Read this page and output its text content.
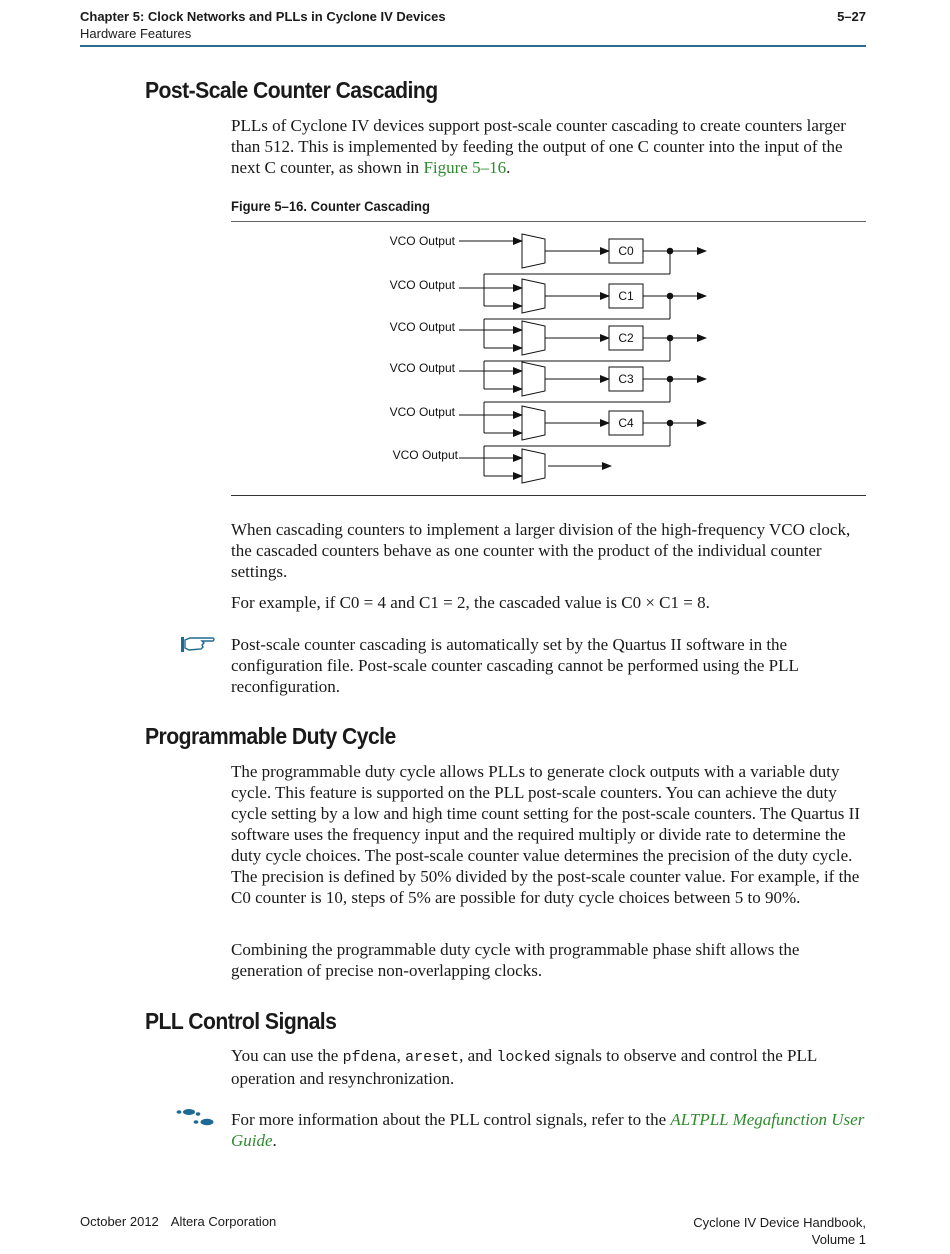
Chapter 5: Clock Networks and PLLs in Cyclone IV Devices	5–27
Hardware Features
Post-Scale Counter Cascading

PLLs of Cyclone IV devices support post-scale counter cascading to create counters larger than 512. This is implemented by feeding the output of one C counter into the input of the next C counter, as shown in Figure 5–16.

Figure 5–16. Counter Cascading
VCO Output
C0
VCO Output
C1
VCO Output
C2
VCO Output
C3
VCO Output
C4
VCO Output

When cascading counters to implement a larger division of the high-frequency VCO clock, the cascaded counters behave as one counter with the product of the individual counter settings.

For example, if C0 = 4 and C1 = 2, the cascaded value is C0 × C1 = 8.

Post-scale counter cascading is automatically set by the Quartus II software in the configuration file. Post-scale counter cascading cannot be performed using the PLL reconfiguration.

Programmable Duty Cycle

The programmable duty cycle allows PLLs to generate clock outputs with a variable duty cycle. This feature is supported on the PLL post-scale counters. You can achieve the duty cycle setting by a low and high time count setting for the post-scale counters. The Quartus II software uses the frequency input and the required multiply or divide rate to determine the duty cycle choices. The post-scale counter value determines the precision of the duty cycle. The precision is defined by 50% divided by the post-scale counter value. For example, if the C0 counter is 10, steps of 5% are possible for duty cycle choices between 5 to 90%.

Combining the programmable duty cycle with programmable phase shift allows the generation of precise non-overlapping clocks.

PLL Control Signals

You can use the pfdena, areset, and locked signals to observe and control the PLL operation and resynchronization.

For more information about the PLL control signals, refer to the ALTPLL Megafunction User Guide.

October 2012 Altera Corporation	Cyclone IV Device Handbook,
Volume 1
